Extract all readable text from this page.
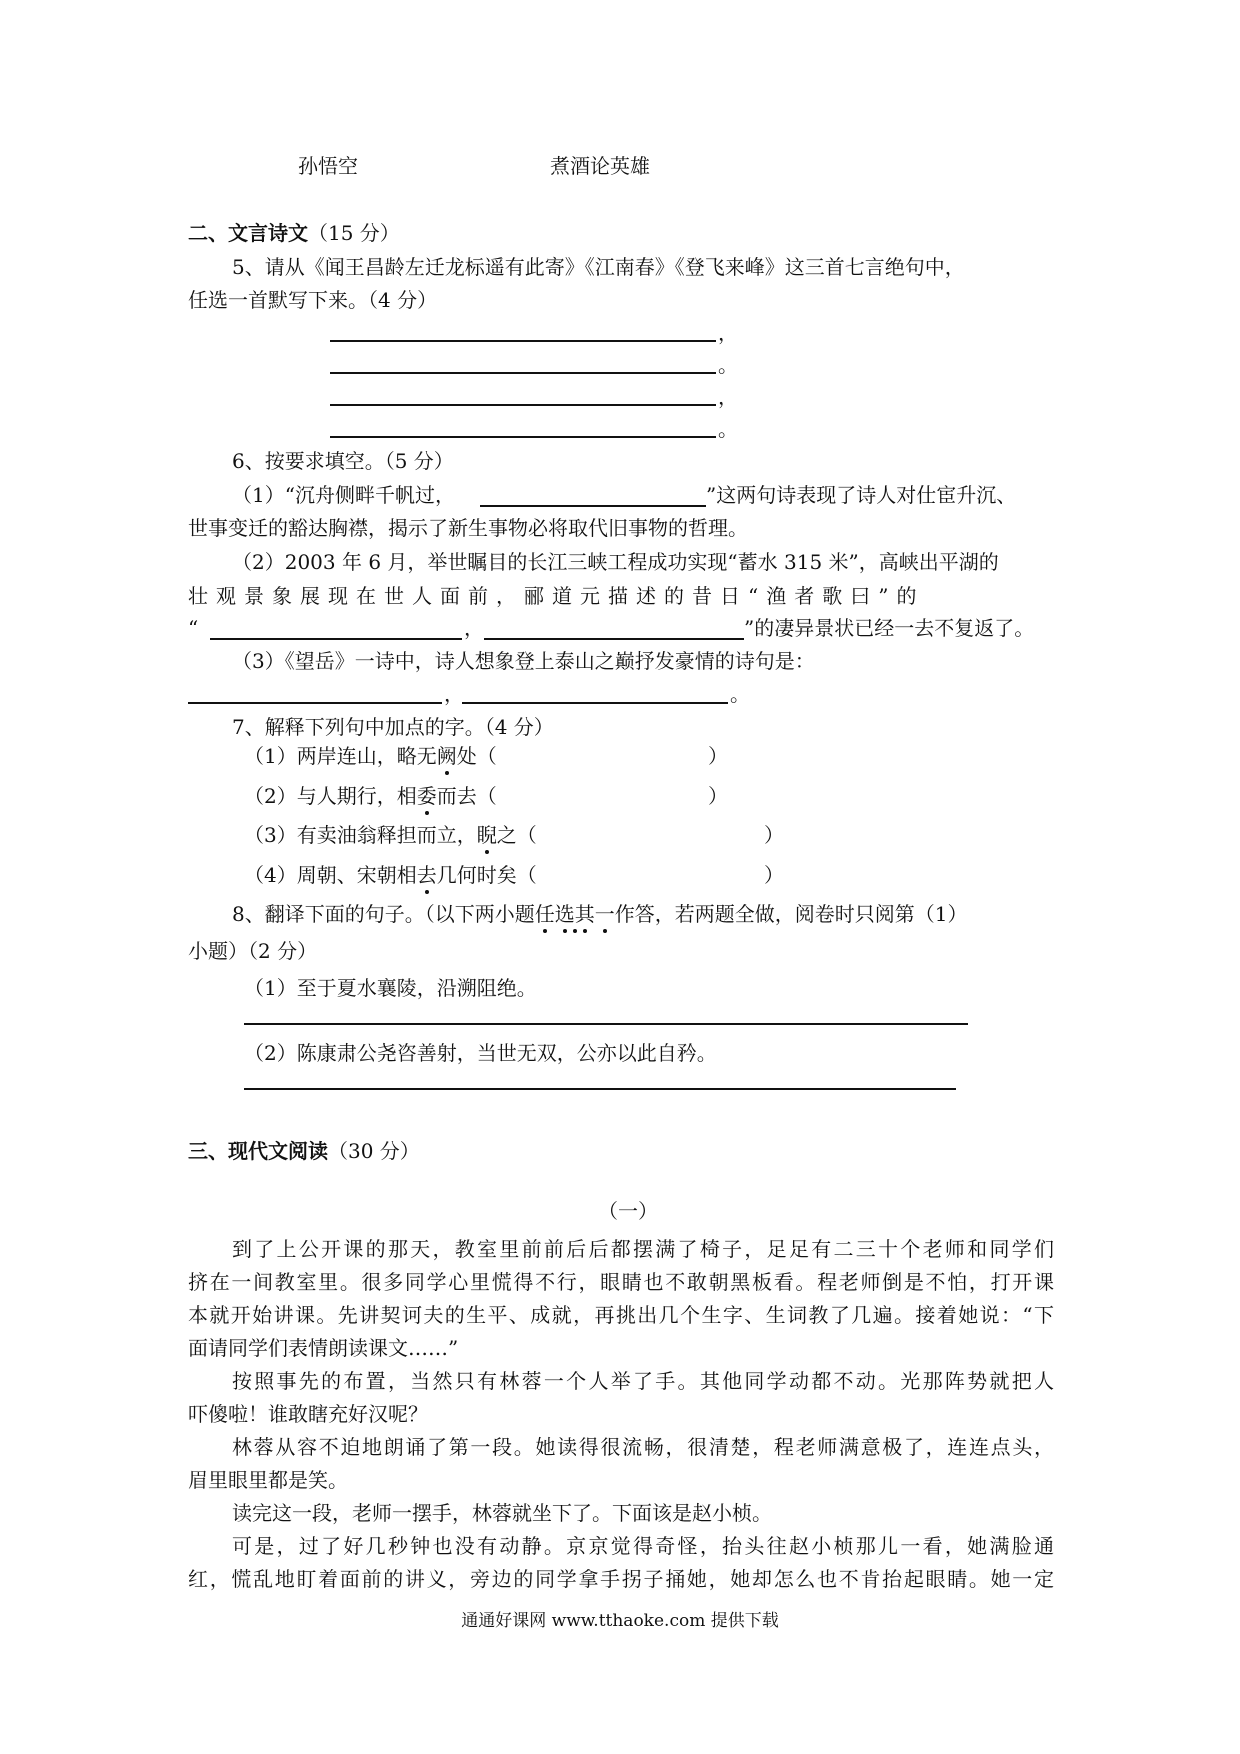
孙悟空	煮酒论英雄
二、文言诗文（15 分）
5、请从《闻王昌龄左迁龙标遥有此寄》《江南春》《登飞来峰》这三首七言绝句中，
任选一首默写下来。（4 分）
，
。
，
。
6、按要求填空。（5 分）
（1）“沉舟侧畔千帆过，	”这两句诗表现了诗人对仕宦升沉、
世事变迁的豁达胸襟，揭示了新生事物必将取代旧事物的哲理。
（2）2003 年 6 月，举世瞩目的长江三峡工程成功实现“蓄水 315 米”，高峡出平湖的
壮观景象展现在世人面前，郦道元描述的昔日“渔者歌曰”的
“	，	”的凄异景状已经一去不复返了。
（3）《望岳》一诗中，诗人想象登上泰山之巅抒发豪情的诗句是：
，	。
7、解释下列句中加点的字。（4 分）
（1）两岸连山，略无阙处（	）
（2）与人期行，相委而去（	）
（3）有卖油翁释担而立，睨之（	）
（4）周朝、宋朝相去几何时矣（	）
8、翻译下面的句子。（以下两小题任选其一作答，若两题全做，阅卷时只阅第（1）
小题）（2 分）
（1）至于夏水襄陵，沿溯阻绝。
（2）陈康肃公尧咨善射，当世无双，公亦以此自矜。
三、现代文阅读（30 分）
（一）
到了上公开课的那天，教室里前前后后都摆满了椅子，足足有二三十个老师和同学们
挤在一间教室里。很多同学心里慌得不行，眼睛也不敢朝黑板看。程老师倒是不怕，打开课
本就开始讲课。先讲契诃夫的生平、成就，再挑出几个生字、生词教了几遍。接着她说：“下
面请同学们表情朗读课文……”
按照事先的布置，当然只有林蓉一个人举了手。其他同学动都不动。光那阵势就把人
吓傻啦！谁敢瞎充好汉呢？
林蓉从容不迫地朗诵了第一段。她读得很流畅，很清楚，程老师满意极了，连连点头，
眉里眼里都是笑。
读完这一段，老师一摆手，林蓉就坐下了。下面该是赵小桢。
可是，过了好几秒钟也没有动静。京京觉得奇怪，抬头往赵小桢那儿一看，她满脸通
红，慌乱地盯着面前的讲义，旁边的同学拿手拐子捅她，她却怎么也不肯抬起眼睛。她一定
通通好课网 www.tthaoke.com 提供下载
